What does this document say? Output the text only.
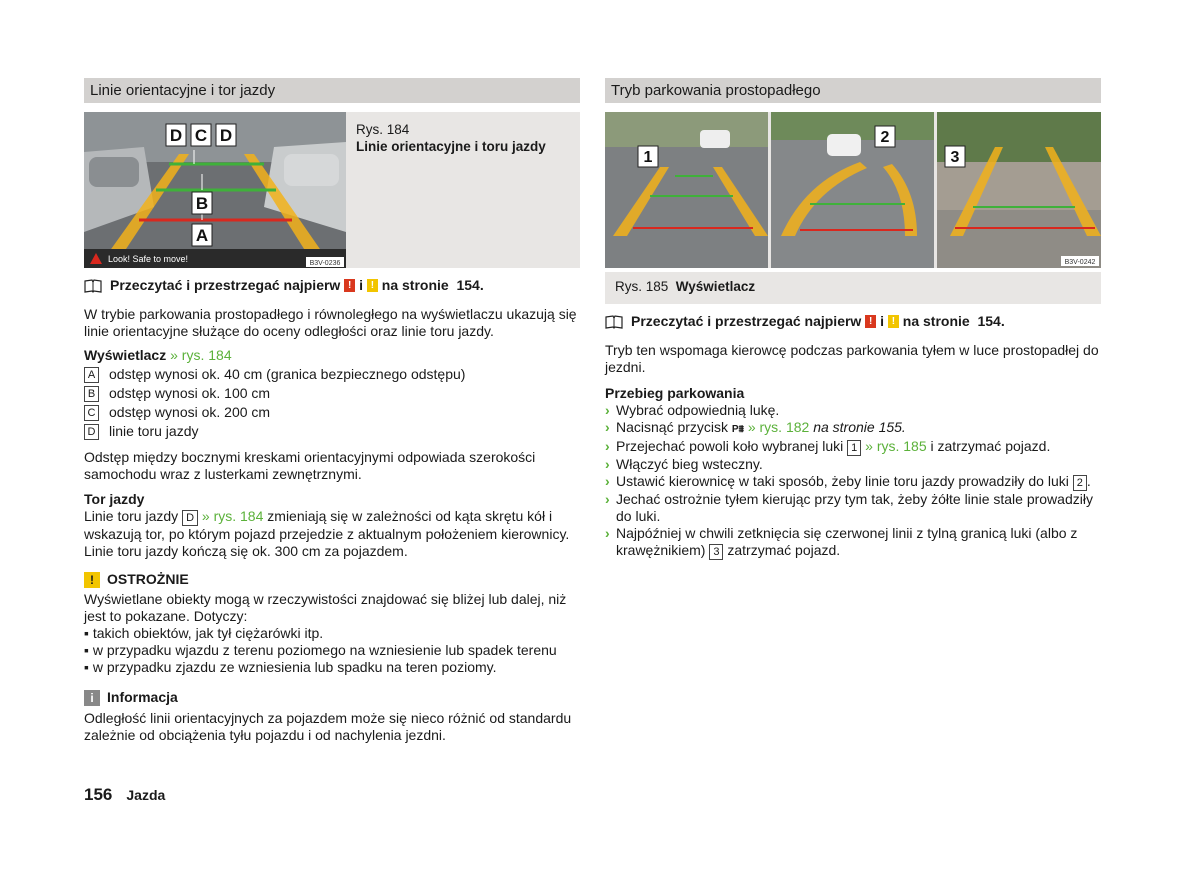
Linie orientacyjne i tor jazdy
D C D
B
A
Look! Safe to move!	B3V-0236
Rys. 184
Linie orientacyjne i toru jazdy
Przeczytać i przestrzegać najpierw
!
i
!
na stronie
154.

W trybie parkowania prostopadłego i równoległego na wyświetlaczu ukazują się linie orientacyjne służące do oceny odległości oraz linie toru jazdy.

Wyświetlacz » rys. 184

A odstęp wynosi ok. 40 cm (granica bezpiecznego odstępu)
B odstęp wynosi ok. 100 cm
C odstęp wynosi ok. 200 cm
D linie toru jazdy

Odstęp między bocznymi kreskami orientacyjnymi odpowiada szerokości samochodu wraz z lusterkami zewnętrznymi.

Tor jazdy

Linie toru jazdy D » rys. 184 zmieniają się w zależności od kąta skrętu kół i wskazują tor, po którym pojazd przejedzie z aktualnym położeniem kierownicy. Linie toru jazdy kończą się ok. 300 cm za pojazdem.

! OSTROŻNIE

Wyświetlane obiekty mogą w rzeczywistości znajdować się bliżej lub dalej, niż jest to pokazane. Dotyczy:

▪ takich obiektów, jak tył ciężarówki itp.
▪ w przypadku wjazdu z terenu poziomego na wzniesienie lub spadek terenu
▪ w przypadku zjazdu ze wzniesienia lub spadku na teren poziomy.
i Informacja

Odległość linii orientacyjnych za pojazdem może się nieco różnić od standardu zależnie od obciążenia tyłu pojazdu i od nachylenia jezdni.

Tryb parkowania prostopadłego
1
2
3
B3V-0242
Rys. 185 Wyświetlacz
Przeczytać i przestrzegać najpierw
!
i
!
na stronie
154.

Tryb ten wspomaga kierowcę podczas parkowania tyłem w luce prostopadłej do jezdni.

Przebieg parkowania

› Wybrać odpowiednią lukę.
› Nacisnąć przycisk P⩩ » rys. 182 na stronie 155.
› Przejechać powoli koło wybranej luki 1 » rys. 185 i zatrzymać pojazd.
› Włączyć bieg wsteczny.
› Ustawić kierownicę w taki sposób, żeby linie toru jazdy prowadziły do luki 2 .
› Jechać ostrożnie tyłem kierując przy tym tak, żeby żółte linie stale prowadziły do luki.
› Najpóźniej w chwili zetknięcia się czerwonej linii z tylną granicą luki (albo z krawężnikiem) 3 zatrzymać pojazd.
156 Jazda
